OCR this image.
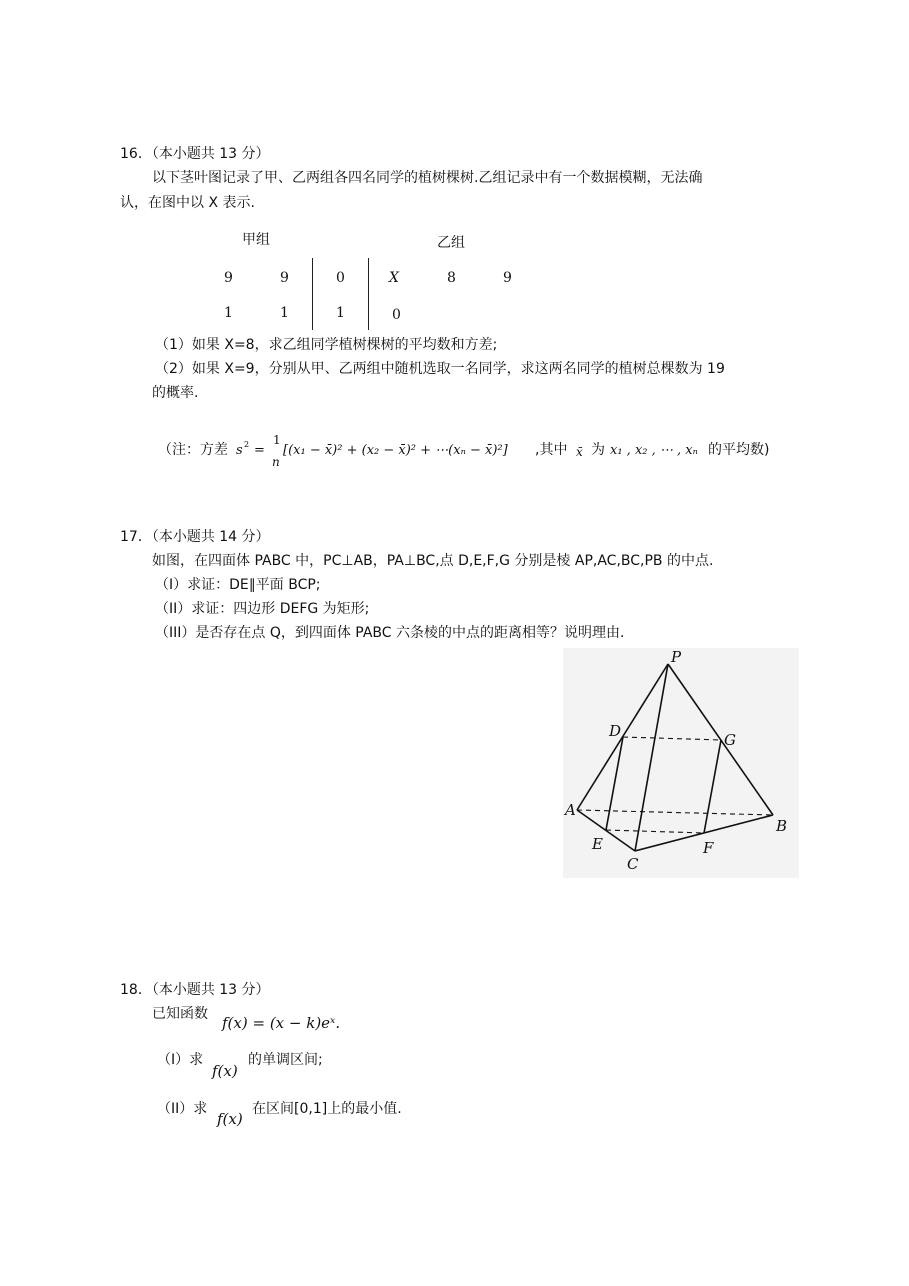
16．（本小题共 13 分）
以下茎叶图记录了甲、乙两组各四名同学的植树棵树.乙组记录中有一个数据模糊，无法确
认，在图中以 X 表示.
甲组	乙组
9	9	0	X	8	9
1	1	1	0
（1）如果 X=8，求乙组同学植树棵树的平均数和方差;
（2）如果 X=9，分别从甲、乙两组中随机选取一名同学，求这两名同学的植树总棵数为 19
的概率.
（注：方差 s 2 =
1
n
[(x₁ − x̄)² + (x₂ − x̄)² + ⋯(xₙ − x̄)²] ,其中 x̄ 为 x₁ , x₂ , ⋯ , xₙ 的平均数)
17．（本小题共 14 分）
如图，在四面体 PABC 中，PC⊥AB，PA⊥BC,点 D,E,F,G 分别是棱 AP,AC,BC,PB 的中点.
（I）求证：DE∥平面 BCP;
（II）求证：四边形 DEFG 为矩形;
（III）是否存在点 Q，到四面体 PABC 六条棱的中点的距离相等？说明理由.
P
D	G
A
B
E	F
C
18．（本小题共 13 分）
已知函数 f(x) = (x − k)eˣ.
（I）求
f(x)
的单调区间;
（II）求
f(x)
在区间[0,1]上的最小值.
